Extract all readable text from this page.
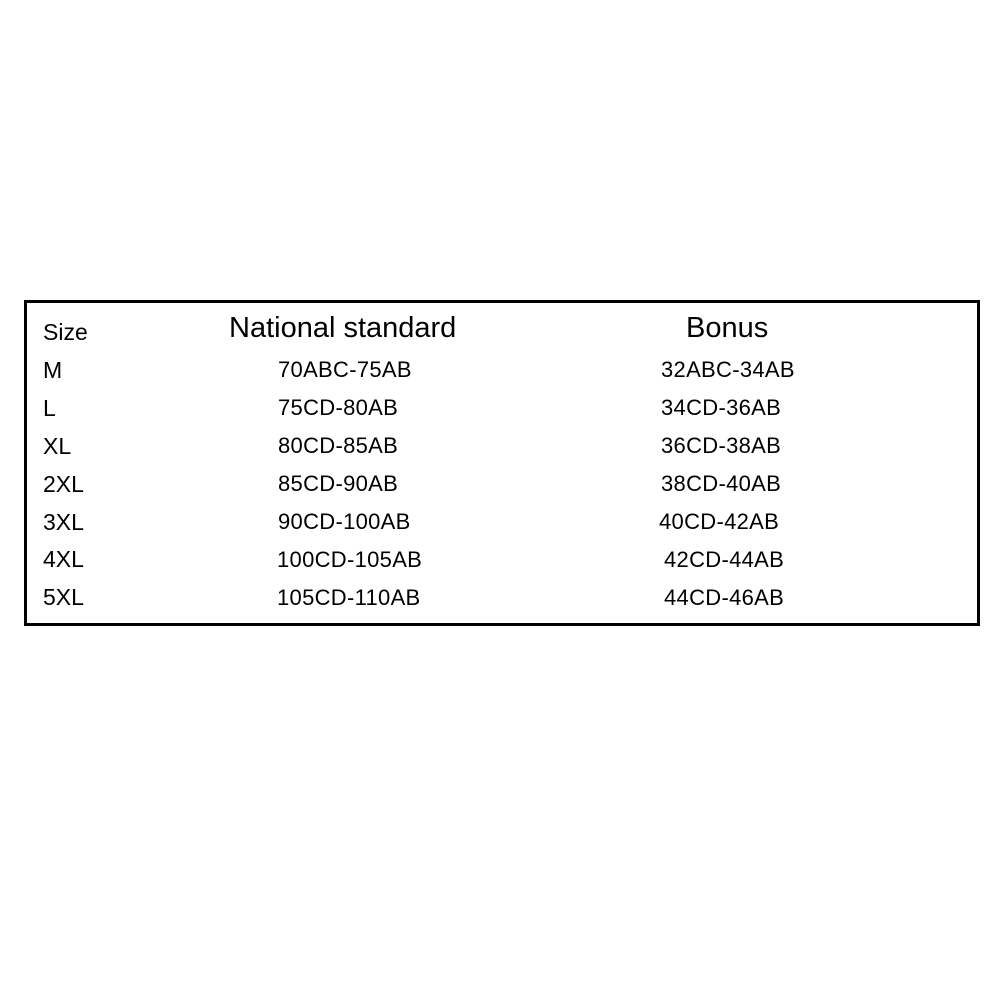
Size	National standard	Bonus
M	70ABC-75AB	32ABC-34AB
L	75CD-80AB	34CD-36AB
XL	80CD-85AB	36CD-38AB
2XL	85CD-90AB	38CD-40AB
3XL	90CD-100AB	40CD-42AB
4XL	100CD-105AB	42CD-44AB
5XL	105CD-110AB	44CD-46AB
